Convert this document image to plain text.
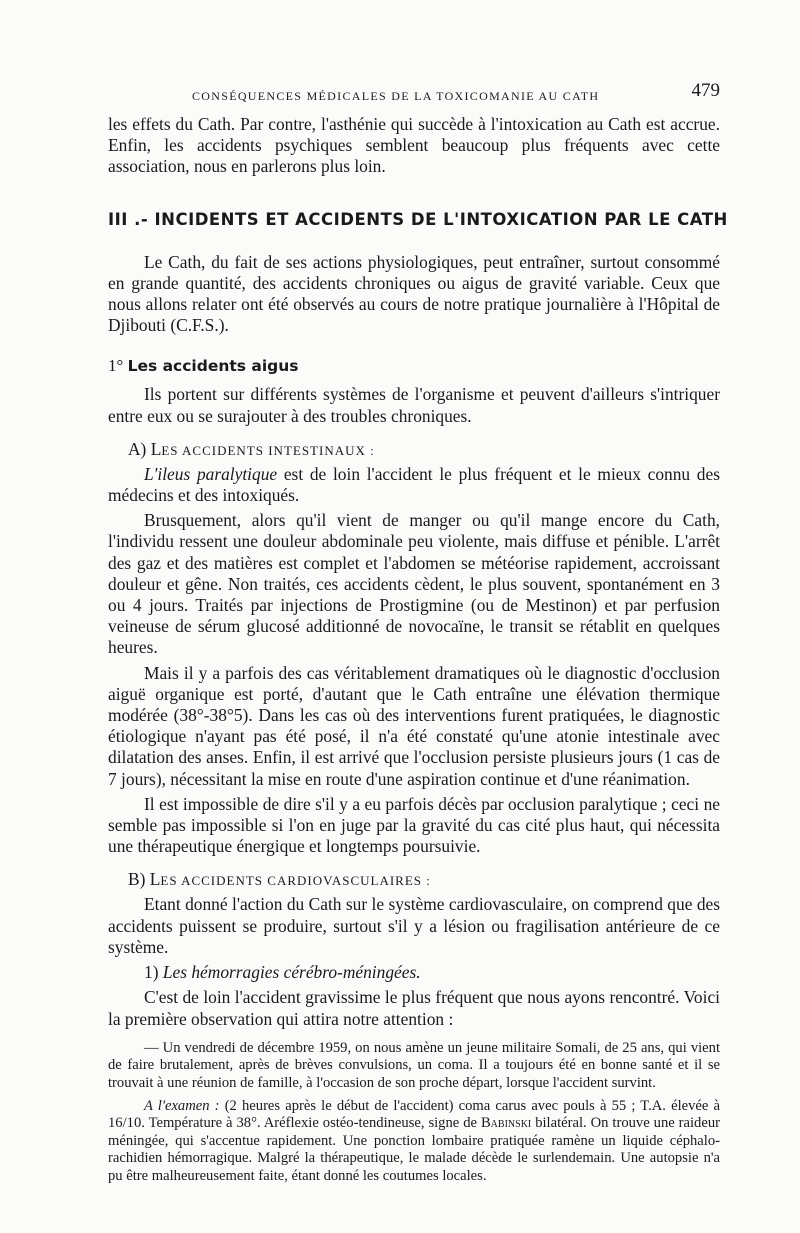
CONSÉQUENCES MÉDICALES DE LA TOXICOMANIE AU CATH	479

les effets du Cath. Par contre, l'asthénie qui succède à l'intoxication au Cath est accrue. Enfin, les accidents psychiques semblent beaucoup plus fréquents avec cette association, nous en parlerons plus loin.

III .- INCIDENTS ET ACCIDENTS DE L'INTOXICATION PAR LE CATH

Le Cath, du fait de ses actions physiologiques, peut entraîner, surtout consommé en grande quantité, des accidents chroniques ou aigus de gravité variable. Ceux que nous allons relater ont été observés au cours de notre pratique journalière à l'Hôpital de Djibouti (C.F.S.).

1° Les accidents aigus

Ils portent sur différents systèmes de l'organisme et peuvent d'ailleurs s'intriquer entre eux ou se surajouter à des troubles chroniques.

A) LES ACCIDENTS INTESTINAUX :

L'ileus paralytique est de loin l'accident le plus fréquent et le mieux connu des médecins et des intoxiqués.

Brusquement, alors qu'il vient de manger ou qu'il mange encore du Cath, l'individu ressent une douleur abdominale peu violente, mais diffuse et pénible. L'arrêt des gaz et des matières est complet et l'abdomen se météorise rapidement, accroissant douleur et gêne. Non traités, ces accidents cèdent, le plus souvent, spontanément en 3 ou 4 jours. Traités par injections de Prostigmine (ou de Mestinon) et par perfusion veineuse de sérum glucosé additionné de novocaïne, le transit se rétablit en quelques heures.

Mais il y a parfois des cas véritablement dramatiques où le diagnostic d'occlusion aiguë organique est porté, d'autant que le Cath entraîne une élévation thermique modérée (38°-38°5). Dans les cas où des interventions furent pratiquées, le diagnostic étiologique n'ayant pas été posé, il n'a été constaté qu'une atonie intestinale avec dilatation des anses. Enfin, il est arrivé que l'occlusion persiste plusieurs jours (1 cas de 7 jours), nécessitant la mise en route d'une aspiration continue et d'une réanimation.

Il est impossible de dire s'il y a eu parfois décès par occlusion paralytique ; ceci ne semble pas impossible si l'on en juge par la gravité du cas cité plus haut, qui nécessita une thérapeutique énergique et longtemps poursuivie.

B) LES ACCIDENTS CARDIOVASCULAIRES :

Etant donné l'action du Cath sur le système cardiovasculaire, on comprend que des accidents puissent se produire, surtout s'il y a lésion ou fragilisation antérieure de ce système.

1) Les hémorragies cérébro-méningées.

C'est de loin l'accident gravissime le plus fréquent que nous ayons rencontré. Voici la première observation qui attira notre attention :

— Un vendredi de décembre 1959, on nous amène un jeune militaire Somali, de 25 ans, qui vient de faire brutalement, après de brèves convulsions, un coma. Il a toujours été en bonne santé et il se trouvait à une réunion de famille, à l'occasion de son proche départ, lorsque l'accident survint.

A l'examen : (2 heures après le début de l'accident) coma carus avec pouls à 55 ; T.A. élevée à 16/10. Température à 38°. Aréflexie ostéo-tendineuse, signe de Babinski bilatéral. On trouve une raideur méningée, qui s'accentue rapidement. Une ponction lombaire pratiquée ramène un liquide céphalo-rachidien hémorragique. Malgré la thérapeutique, le malade décède le surlendemain. Une autopsie n'a pu être malheureusement faite, étant donné les coutumes locales.
